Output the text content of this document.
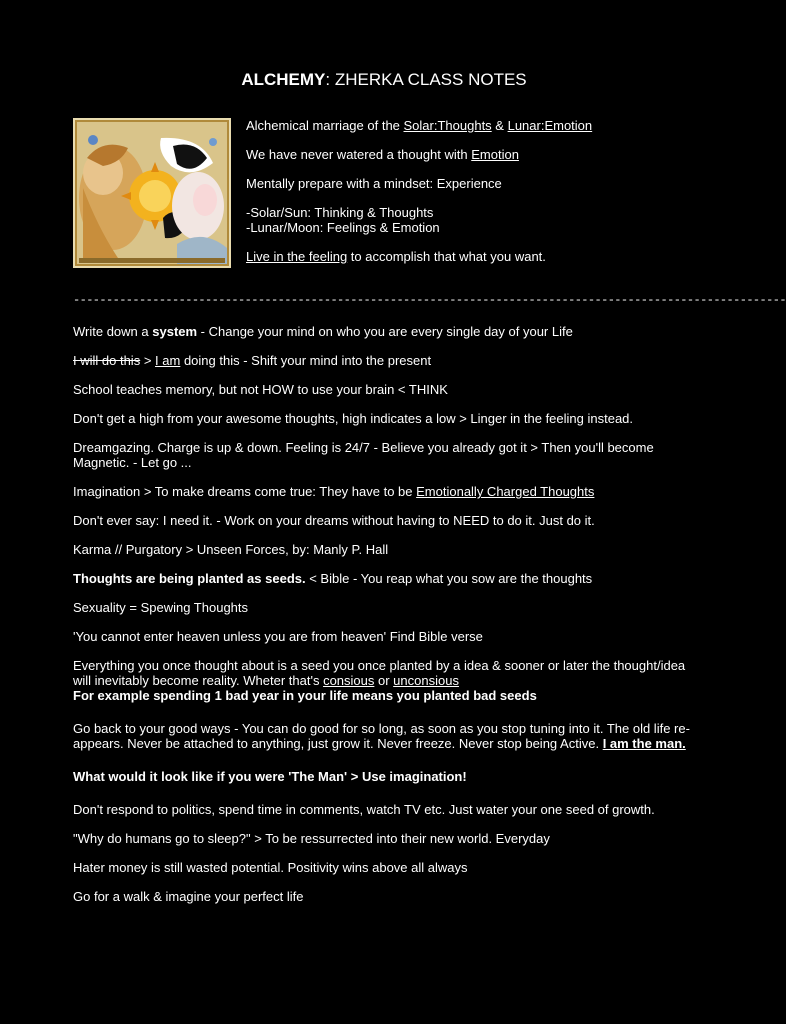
ALCHEMY: ZHERKA CLASS NOTES

Alchemical marriage of the Solar:Thoughts & Lunar:Emotion

We have never watered a thought with Emotion

Mentally prepare with a mindset: Experience

-Solar/Sun: Thinking & Thoughts
-Lunar/Moon: Feelings & Emotion

Live in the feeling to accomplish that what you want.

------------------------------------------------------------------------------------------------------------

Write down a system - Change your mind on who you are every single day of your Life

I will do this > I am doing this - Shift your mind into the present

School teaches memory, but not HOW to use your brain < THINK

Don't get a high from your awesome thoughts, high indicates a low > Linger in the feeling instead.

Dreamgazing. Charge is up & down. Feeling is 24/7 - Believe you already got it > Then you'll become Magnetic. - Let go ...

Imagination > To make dreams come true: They have to be Emotionally Charged Thoughts

Don't ever say: I need it. - Work on your dreams without having to NEED to do it. Just do it.

Karma // Purgatory > Unseen Forces, by: Manly P. Hall

Thoughts are being planted as seeds. < Bible - You reap what you sow are the thoughts

Sexuality = Spewing Thoughts

'You cannot enter heaven unless you are from heaven' Find Bible verse

Everything you once thought about is a seed you once planted by a idea & sooner or later the thought/idea will inevitably become reality. Wheter that's consious or unconsious
For example spending 1 bad year in your life means you planted bad seeds

Go back to your good ways - You can do good for so long, as soon as you stop tuning into it. The old life re-appears. Never be attached to anything, just grow it. Never freeze. Never stop being Active. I am the man.

What would it look like if you were 'The Man' > Use imagination!

Don't respond to politics, spend time in comments, watch TV etc. Just water your one seed of growth.

"Why do humans go to sleep?" > To be ressurrected into their new world. Everyday

Hater money is still wasted potential. Positivity wins above all always

Go for a walk & imagine your perfect life
